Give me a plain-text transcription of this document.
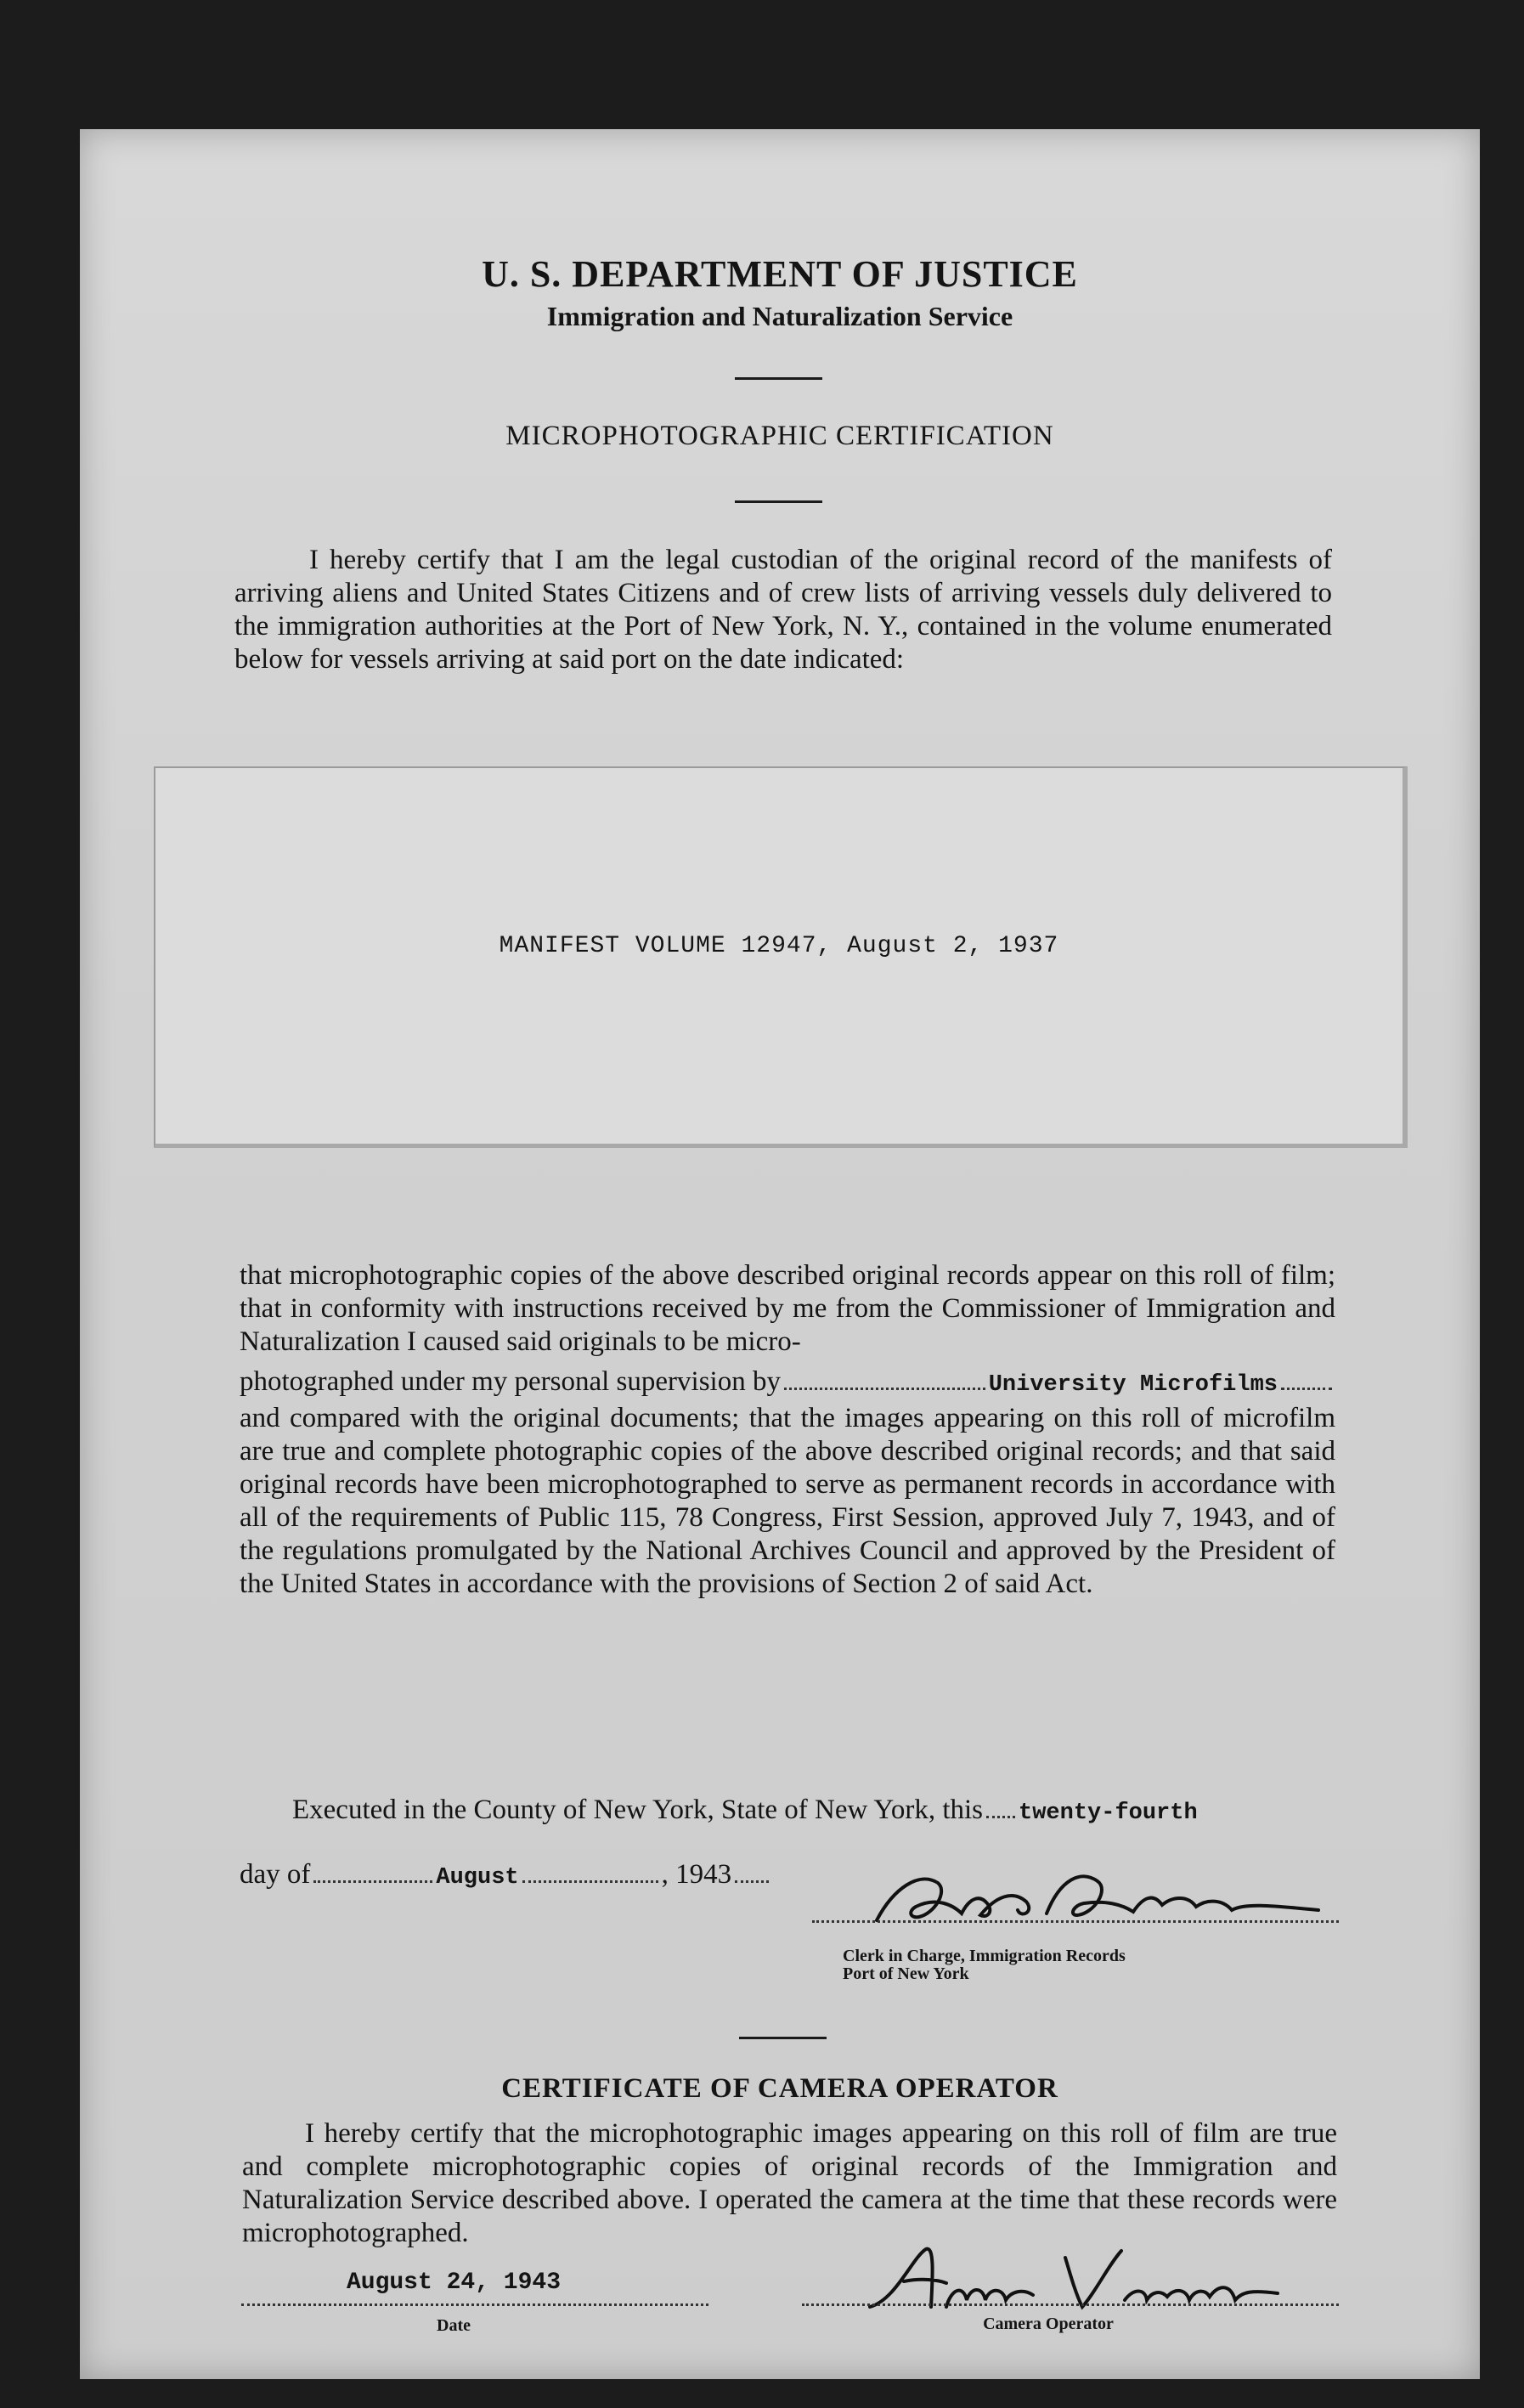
U. S. DEPARTMENT OF JUSTICE
Immigration and Naturalization Service
MICROPHOTOGRAPHIC CERTIFICATION
I hereby certify that I am the legal custodian of the original record of the manifests of arriving aliens and United States Citizens and of crew lists of arriving vessels duly delivered to the immigration authorities at the Port of New York, N. Y., contained in the volume enumerated below for vessels arriving at said port on the date indicated:
MANIFEST VOLUME 12947, August 2, 1937
that microphotographic copies of the above described original records appear on this roll of film; that in conformity with instructions received by me from the Commissioner of Immigration and Naturalization I caused said originals to be micro-
photographed under my personal supervision by	University Microfilms
and compared with the original documents; that the images appearing on this roll of microfilm are true and complete photographic copies of the above described original records; and that said original records have been microphotographed to serve as permanent records in accordance with all of the requirements of Public 115, 78 Congress, First Session, approved July 7, 1943, and of the regulations promulgated by the National Archives Council and approved by the President of the United States in accordance with the provisions of Section 2 of said Act.
Executed in the County of New York, State of New York, this twenty-fourth
day of	August	, 1943
Clerk in Charge, Immigration Records
Port of New York
CERTIFICATE OF CAMERA OPERATOR
I hereby certify that the microphotographic images appearing on this roll of film are true and complete microphotographic copies of original records of the Immigration and Naturalization Service described above. I operated the camera at the time that these records were microphotographed.
August 24, 1943
Date	Camera Operator
